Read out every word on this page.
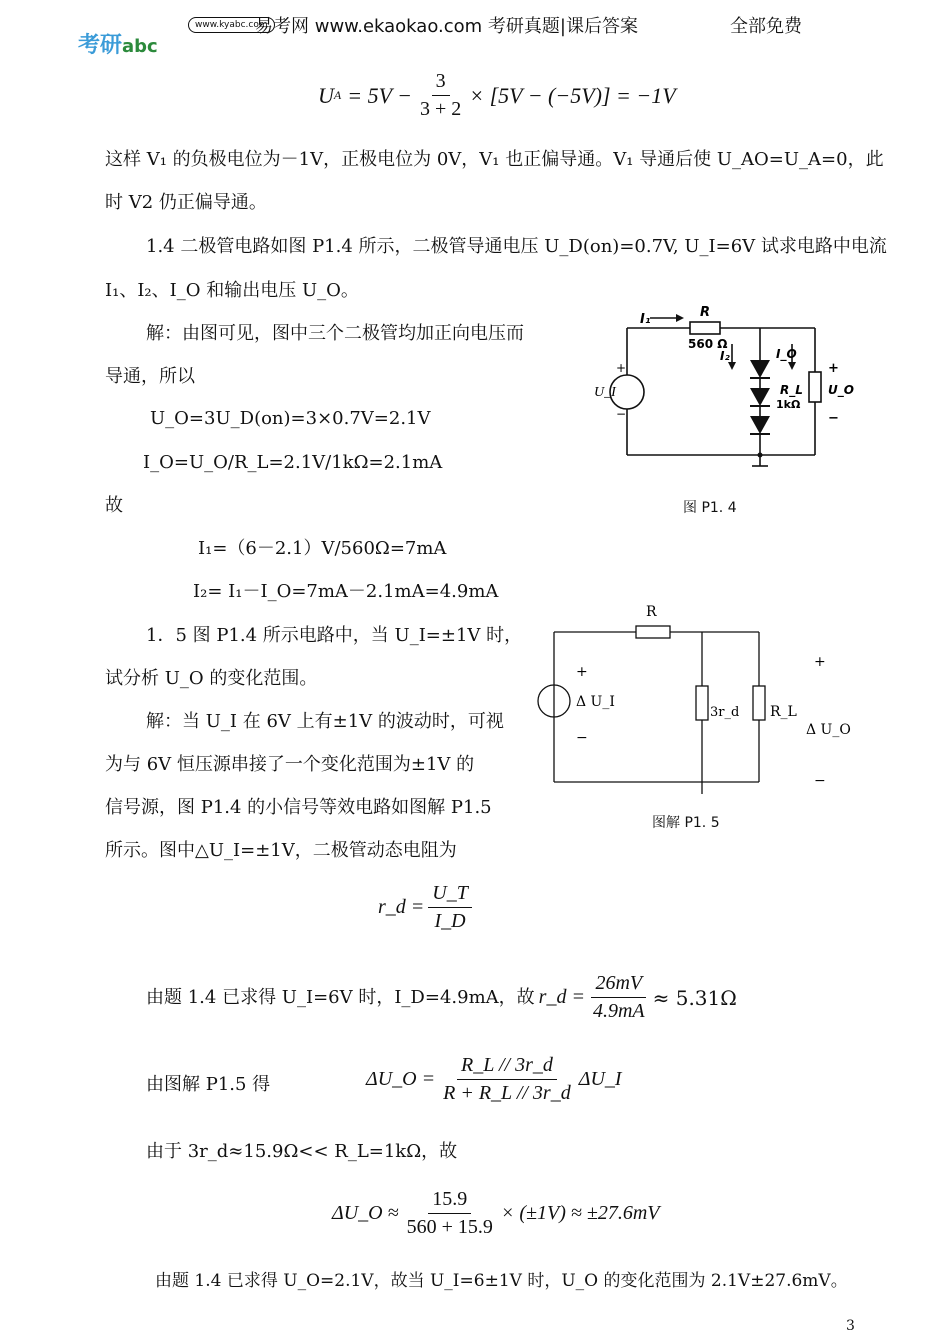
考研abc
www.kyabc.com
易考网 www.ekaokao.com 考研真题|课后答案	全部免费
U $A = 5V - \frac{3}{3 + 2} \times [5V - (-5V)] = -1V$
这样 V₁ 的负极电位为－1V，正极电位为 0V，V₁ 也正偏导通。V₁ 导通后使 U_AO=U_A=0，此
时 V2 仍正偏导通。
1.4 二极管电路如图 P1.4 所示，二极管导通电压 U_D(on)=0.7V, U_I=6V 试求电路中电流
I₁、I₂、I_O 和输出电压 U_O。
解：由图可见，图中三个二极管均加正向电压而
导通，所以
U_O=3U_D(on)=3×0.7V=2.1V
I_O=U_O/R_L=2.1V/1kΩ=2.1mA
故
I₁=（6－2.1）V/560Ω=7mA
I₂= I₁－I_O=7mA－2.1mA=4.9mA
I₁	R
560 Ω
I₂	I_O
U_I
+
−
R_L
1kΩ
+
U_O
−
图 P1. 4
1．5 图 P1.4 所示电路中，当 U_I=±1V 时，
试分析 U_O 的变化范围。
解：当 U_I 在 6V 上有±1V 的波动时，可视
为与 6V 恒压源串接了一个变化范围为±1V 的
信号源，图 P1.4 的小信号等效电路如图解 P1.5
所示。图中△U_I=±1V，二极管动态电阻为
R
+
Δ U_I
−
3r_d R_L
+
Δ U_O
−
图解 P1. 5
r_d = $\frac{U\_T}{I\_D}$
由题 1.4 已求得 U_I=6V 时，I_D=4.9mA，故 r_d = $\frac{26mV}{4.9mA} \approx 5.31\Omega$
由图解 P1.5 得	ΔU_O = $\frac{R\_L // 3r\_d}{R + R\_L // 3r\_d}$ ΔU_I
由于 3r_d≈15.9Ω<< R_L=1kΩ，故
ΔU_O ≈ $\frac{15.9}{560 + 15.9} \times (\pm 1V) \approx \pm 27.6mV$
由题 1.4 已求得 U_O=2.1V，故当 U_I=6±1V 时，U_O 的变化范围为 2.1V±27.6mV。
3
